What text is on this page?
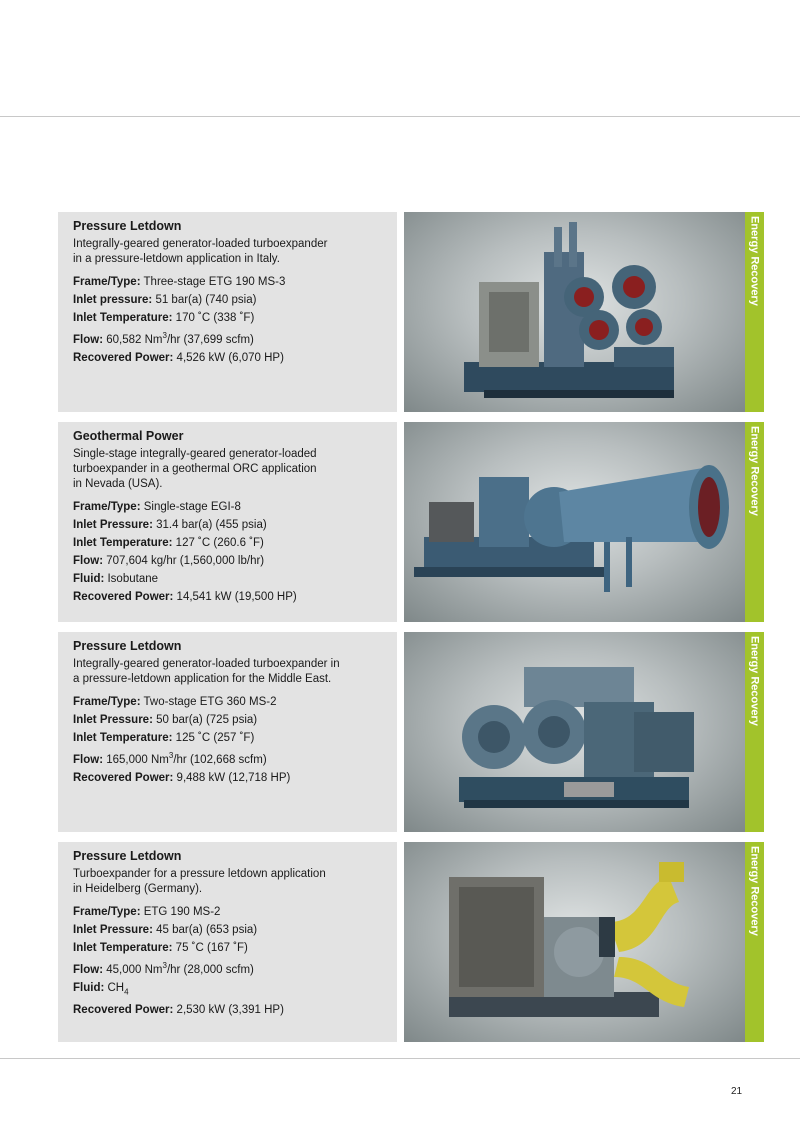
Pressure Letdown

Integrally-geared generator-loaded turboexpander
in a pressure-letdown application in Italy.

Frame/Type: Three-stage ETG 190 MS-3

Inlet pressure: 51 bar(a) (740 psia)

Inlet Temperature: 170 ˚C (338 ˚F)

Flow: 60,582 Nm$^3$/hr (37,699 scfm)

Recovered Power: 4,526 kW (6,070 HP)

Energy Recovery

Geothermal Power

Single-stage integrally-geared generator-loaded
turboexpander in a geothermal ORC application
in Nevada (USA).

Frame/Type: Single-stage EGI-8

Inlet Pressure: 31.4 bar(a) (455 psia)

Inlet Temperature: 127 ˚C (260.6 ˚F)

Flow: 707,604 kg/hr (1,560,000 lb/hr)

Fluid: Isobutane

Recovered Power: 14,541 kW (19,500 HP)

Energy Recovery

Pressure Letdown

Integrally-geared generator-loaded turboexpander in
a pressure-letdown application for the Middle East.

Frame/Type: Two-stage ETG 360 MS-2

Inlet Pressure: 50 bar(a) (725 psia)

Inlet Temperature: 125 ˚C (257 ˚F)

Flow: 165,000 Nm$^3$/hr (102,668 scfm)

Recovered Power: 9,488 kW (12,718 HP)

Energy Recovery

Pressure Letdown

Turboexpander for a pressure letdown application
in Heidelberg (Germany).

Frame/Type: ETG 190 MS-2

Inlet Pressure: 45 bar(a) (653 psia)

Inlet Temperature: 75 ˚C (167 ˚F)

Flow: 45,000 Nm$^3$/hr (28,000 scfm)

Fluid: $CH_4$

Recovered Power: 2,530 kW (3,391 HP)

Energy Recovery
21
